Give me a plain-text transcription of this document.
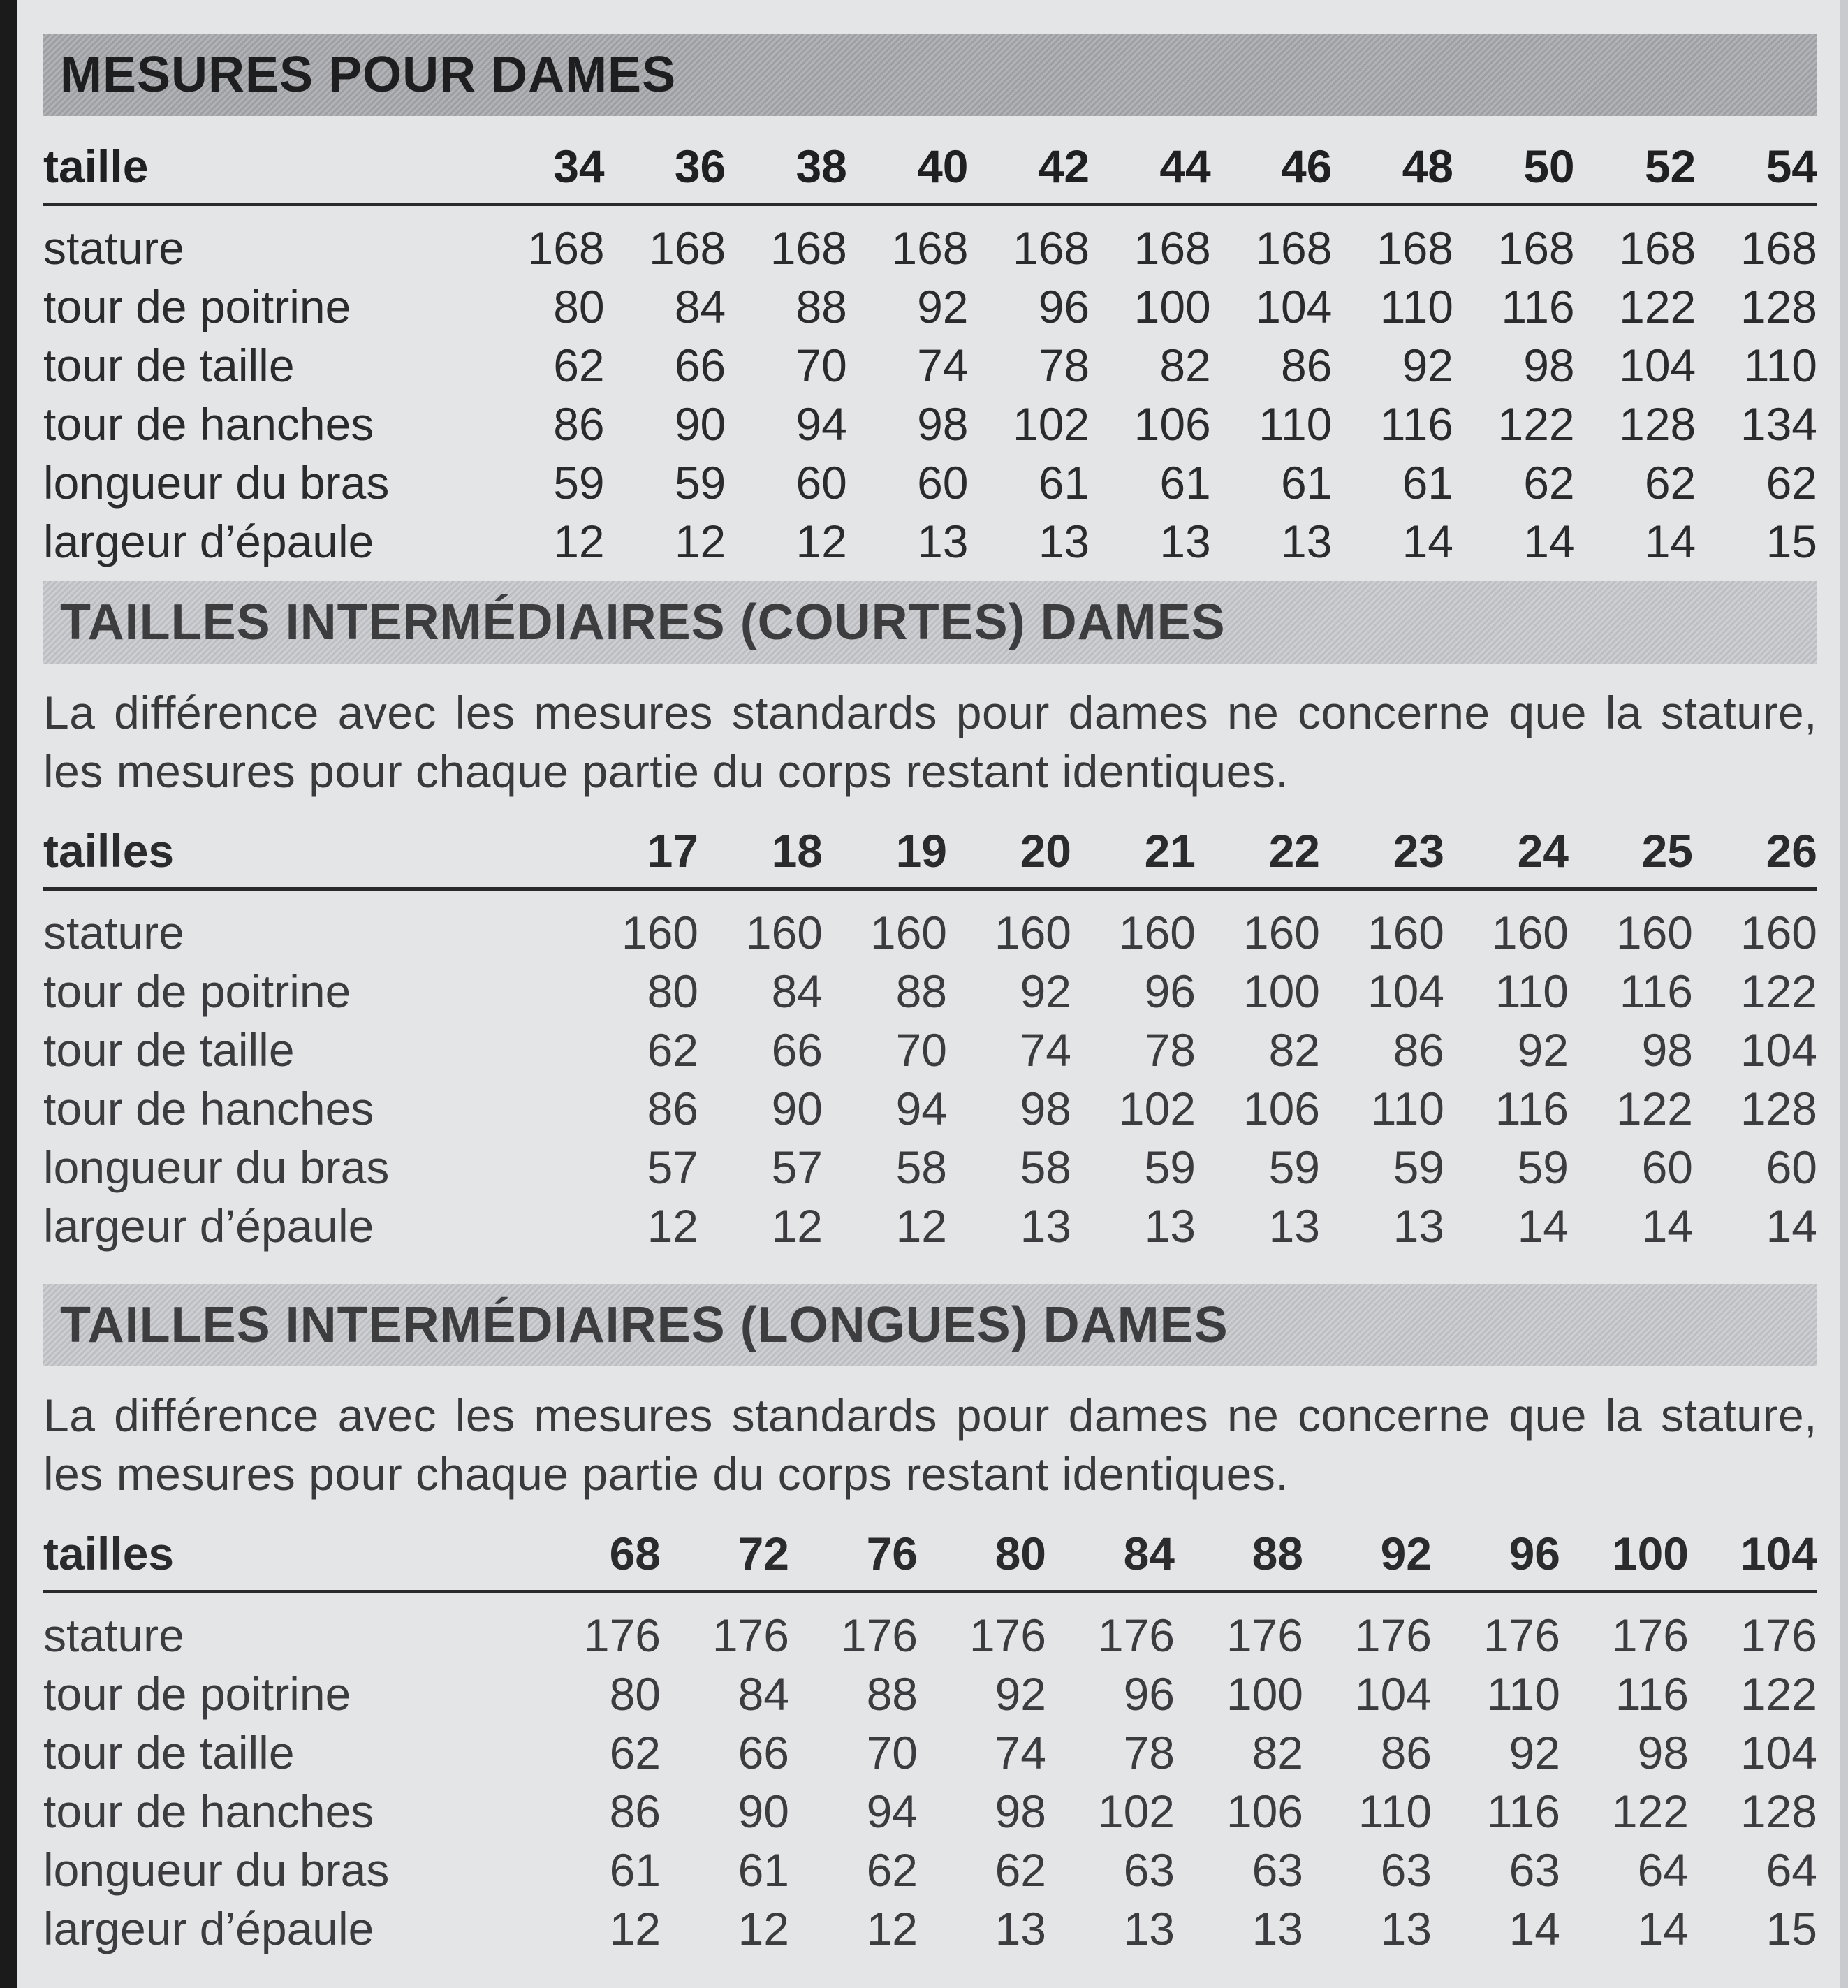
MESURES POUR DAMES
taille	34	36	38	40	42	44	46	48	50	52	54
stature	168	168	168	168	168	168	168	168	168	168	168
tour de poitrine	80	84	88	92	96	100	104	110	116	122	128
tour de taille	62	66	70	74	78	82	86	92	98	104	110
tour de hanches	86	90	94	98	102	106	110	116	122	128	134
longueur du bras	59	59	60	60	61	61	61	61	62	62	62
largeur d’épaule	12	12	12	13	13	13	13	14	14	14	15
TAILLES INTERMÉDIAIRES (COURTES) DAMES
La différence avec les mesures standards pour dames ne concerne que la stature, les mesures pour chaque partie du corps restant identiques.
tailles	17	18	19	20	21	22	23	24	25	26
stature	160	160	160	160	160	160	160	160	160	160
tour de poitrine	80	84	88	92	96	100	104	110	116	122
tour de taille	62	66	70	74	78	82	86	92	98	104
tour de hanches	86	90	94	98	102	106	110	116	122	128
longueur du bras	57	57	58	58	59	59	59	59	60	60
largeur d’épaule	12	12	12	13	13	13	13	14	14	14
TAILLES INTERMÉDIAIRES (LONGUES) DAMES
La différence avec les mesures standards pour dames ne concerne que la stature, les mesures pour chaque partie du corps restant identiques.
tailles	68	72	76	80	84	88	92	96	100	104
stature	176	176	176	176	176	176	176	176	176	176
tour de poitrine	80	84	88	92	96	100	104	110	116	122
tour de taille	62	66	70	74	78	82	86	92	98	104
tour de hanches	86	90	94	98	102	106	110	116	122	128
longueur du bras	61	61	62	62	63	63	63	63	64	64
largeur d’épaule	12	12	12	13	13	13	13	14	14	15
